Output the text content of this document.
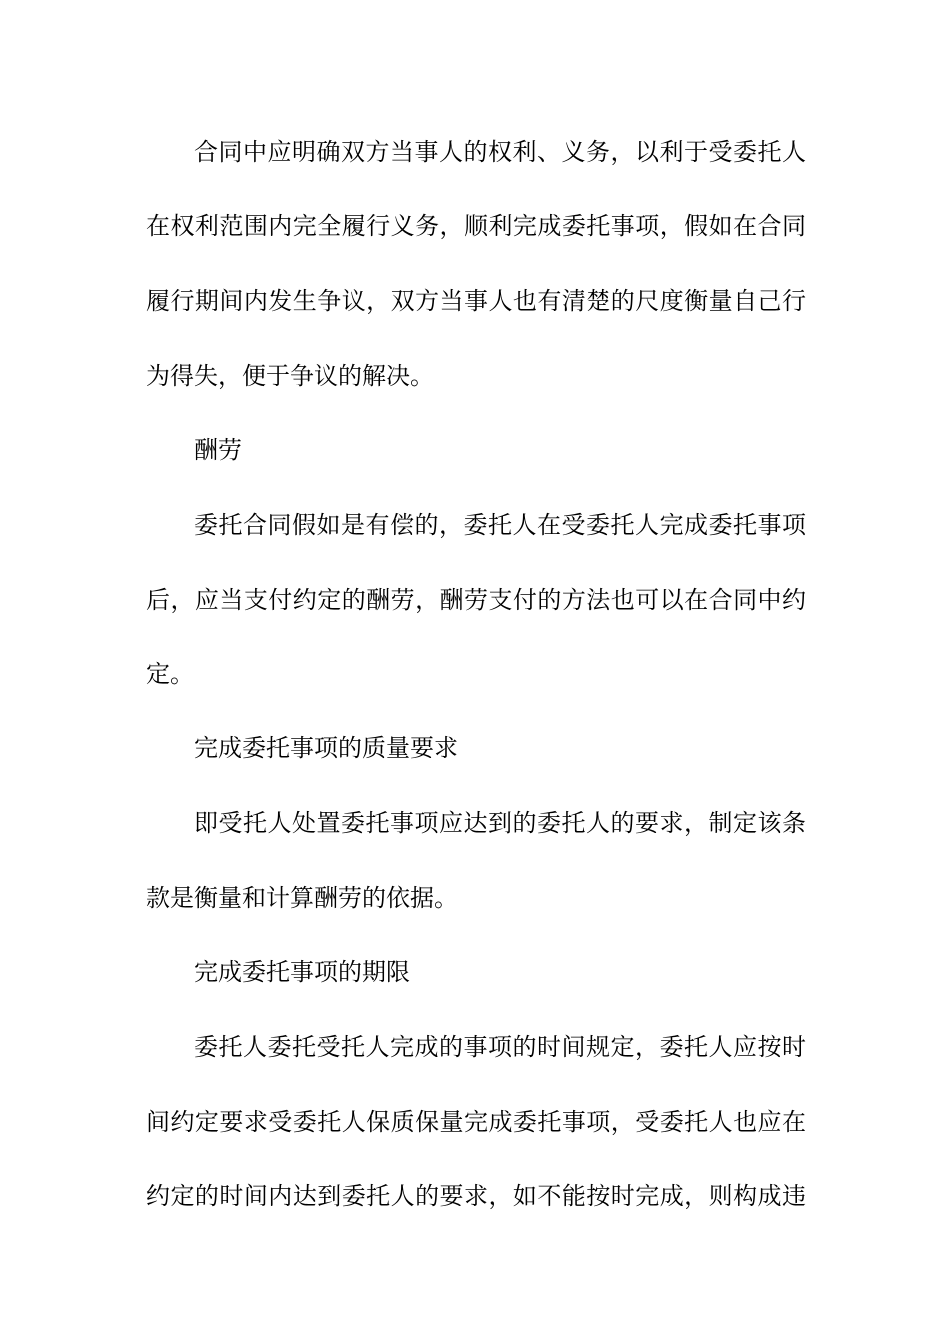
合同中应明确双方当事人的权利、义务，以利于受委托人
在权利范围内完全履行义务，顺利完成委托事项，假如在合同
履行期间内发生争议，双方当事人也有清楚的尺度衡量自己行
为得失，便于争议的解决。
酬劳
委托合同假如是有偿的，委托人在受委托人完成委托事项
后，应当支付约定的酬劳，酬劳支付的方法也可以在合同中约
定。
完成委托事项的质量要求
即受托人处置委托事项应达到的委托人的要求，制定该条
款是衡量和计算酬劳的依据。
完成委托事项的期限
委托人委托受托人完成的事项的时间规定，委托人应按时
间约定要求受委托人保质保量完成委托事项，受委托人也应在
约定的时间内达到委托人的要求，如不能按时完成，则构成违
